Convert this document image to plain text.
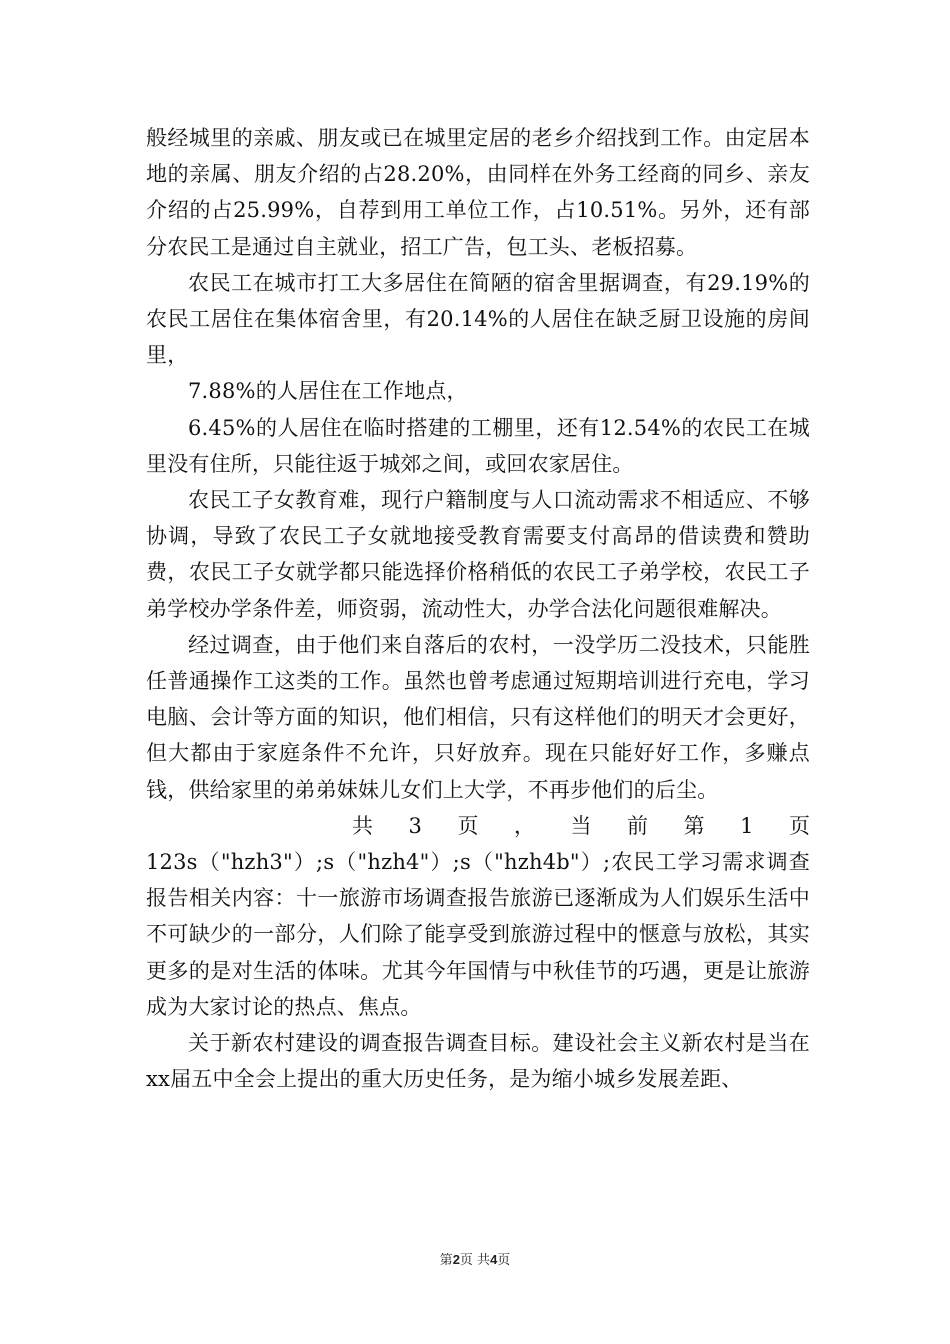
般经城里的亲戚、朋友或已在城里定居的老乡介绍找到工作。由定居本地的亲属、朋友介绍的占28.20%，由同样在外务工经商的同乡、亲友介绍的占25.99%，自荐到用工单位工作，占10.51%。另外，还有部分农民工是通过自主就业，招工广告，包工头、老板招募。

农民工在城市打工大多居住在简陋的宿舍里据调查，有29.19%的农民工居住在集体宿舍里，有20.14%的人居住在缺乏厨卫设施的房间里，

7.88%的人居住在工作地点，

6.45%的人居住在临时搭建的工棚里，还有12.54%的农民工在城里没有住所，只能往返于城郊之间，或回农家居住。

农民工子女教育难，现行户籍制度与人口流动需求不相适应、不够协调，导致了农民工子女就地接受教育需要支付高昂的借读费和赞助费，农民工子女就学都只能选择价格稍低的农民工子弟学校，农民工子弟学校办学条件差，师资弱，流动性大，办学合法化问题很难解决。

经过调查，由于他们来自落后的农村，一没学历二没技术，只能胜任普通操作工这类的工作。虽然也曾考虑通过短期培训进行充电，学习电脑、会计等方面的知识，他们相信，只有这样他们的明天才会更好，但大都由于家庭条件不允许，只好放弃。现在只能好好工作，多赚点钱，供给家里的弟弟妹妹儿女们上大学，不再步他们的后尘。

共 3 页 ， 当 前 第 1 页

123s（"hzh3"）;s（"hzh4"）;s（"hzh4b"）;农民工学习需求调查报告相关内容：十一旅游市场调查报告旅游已逐渐成为人们娱乐生活中不可缺少的一部分，人们除了能享受到旅游过程中的惬意与放松，其实更多的是对生活的体味。尤其今年国情与中秋佳节的巧遇，更是让旅游成为大家讨论的热点、焦点。

关于新农村建设的调查报告调查目标。建设社会主义新农村是当在xx届五中全会上提出的重大历史任务，是为缩小城乡发展差距、

第2页 共4页
